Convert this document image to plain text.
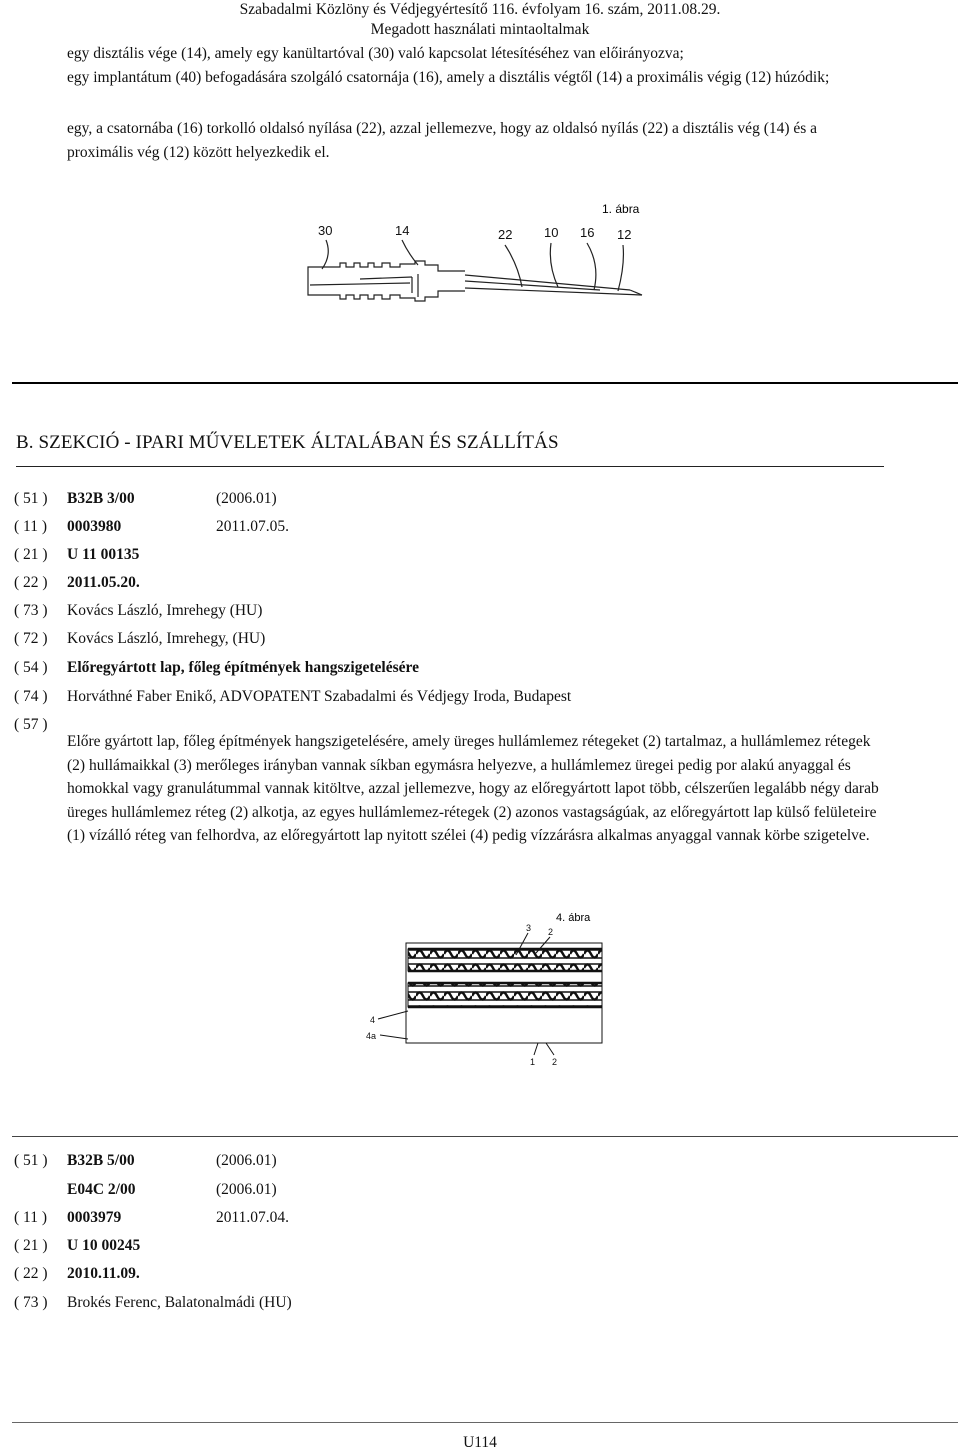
Szabadalmi Közlöny és Védjegyértesítő 116. évfolyam 16. szám, 2011.08.29.
Megadott használati mintaoltalmak

egy disztális vége (14), amely egy kanültartóval (30) való kapcsolat létesítéséhez van előirányozva;

egy implantátum (40) befogadására szolgáló csatornája (16), amely a disztális végtől (14) a proximális végig (12) húzódik;

egy, a csatornába (16) torkolló oldalsó nyílása (22), azzal jellemezve, hogy az oldalsó nyílás (22) a disztális vég (14) és a proximális vég (12) között helyezkedik el.

1. ábra
30	14	22 10 16 12
B. SZEKCIÓ - IPARI MŰVELETEK ÁLTALÁBAN ÉS SZÁLLÍTÁS
( 51 ) B32B 3/00	(2006.01)
( 11 ) 0003980	2011.07.05.
( 21 ) U 11 00135
( 22 ) 2011.05.20.
( 73 ) Kovács László, Imrehegy (HU)
( 72 ) Kovács László, Imrehegy, (HU)
( 54 ) Előregyártott lap, főleg építmények hangszigetelésére
( 74 ) Horváthné Faber Enikő, ADVOPATENT Szabadalmi és Védjegy Iroda, Budapest
( 57 )

Előre gyártott lap, főleg építmények hangszigetelésére, amely üreges hullámlemez rétegeket (2) tartalmaz, a hullámlemez rétegek (2) hullámaikkal (3) merőleges irányban vannak síkban egymásra helyezve, a hullámlemez üregei pedig por alakú anyaggal és homokkal vagy granulátummal vannak kitöltve, azzal jellemezve, hogy az előregyártott lapot több, célszerűen legalább négy darab üreges hullámlemez réteg (2) alkotja, az egyes hullámlemez-rétegek (2) azonos vastagságúak, az előregyártott lap külső felületeire (1) vízálló réteg van felhordva, az előregyártott lap nyitott szélei (4) pedig vízzárásra alkalmas anyaggal vannak körbe szigetelve.

4. ábra
3 2
4
4a
1 2
( 51 ) B32B 5/00	(2006.01)
E04C 2/00	(2006.01)
( 11 ) 0003979	2011.07.04.
( 21 ) U 10 00245
( 22 ) 2010.11.09.
( 73 ) Brokés Ferenc, Balatonalmádi (HU)
U114
